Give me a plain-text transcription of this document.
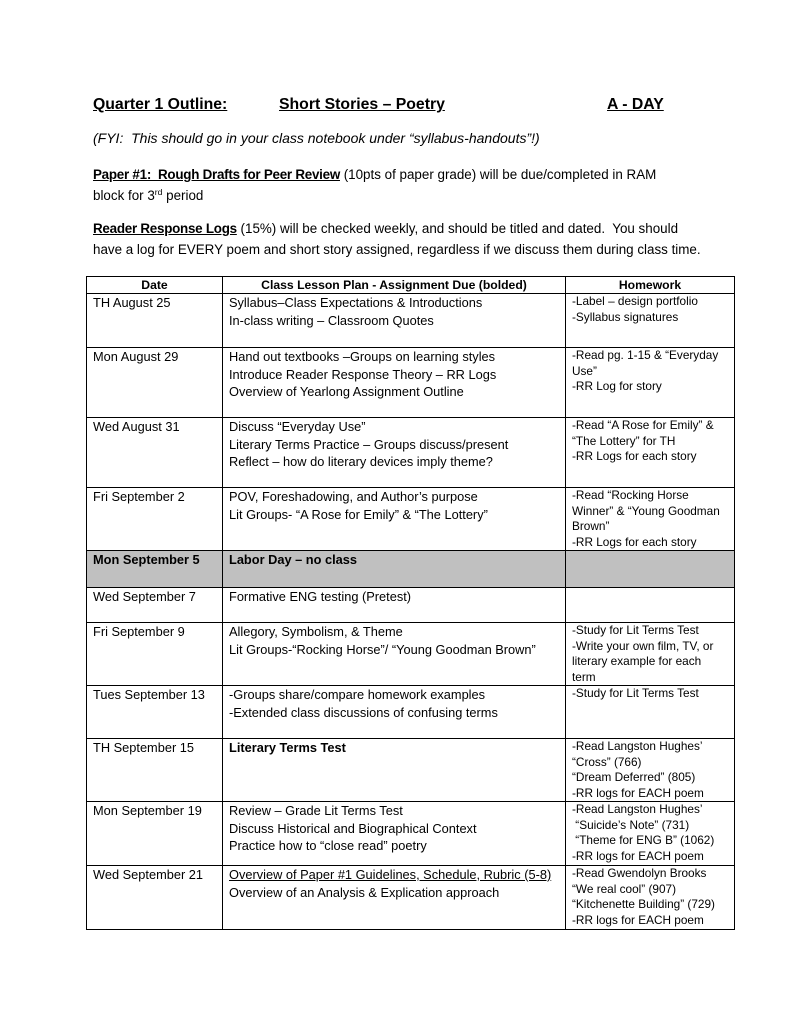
Quarter 1 Outline:	Short Stories – Poetry	A - DAY
(FYI:  This should go in your class notebook under “syllabus-handouts”!)
Paper #1:  Rough Drafts for Peer Review (10pts of paper grade) will be due/completed in RAM
block for 3rd period
Reader Response Logs (15%) will be checked weekly, and should be titled and dated.  You should
have a log for EVERY poem and short story assigned, regardless if we discuss them during class time.
Date	Class Lesson Plan - Assignment Due (bolded)	Homework

TH August 25	Syllabus–Class Expectations & Introductions
In-class writing – Classroom Quotes	-Label – design portfolio
-Syllabus signatures

Mon August 29	Hand out textbooks –Groups on learning styles
Introduce Reader Response Theory – RR Logs
Overview of Yearlong Assignment Outline	-Read pg. 1-15 & “Everyday
Use”
-RR Log for story

Wed August 31	Discuss “Everyday Use”
Literary Terms Practice – Groups discuss/present
Reflect – how do literary devices imply theme?	-Read “A Rose for Emily” &
“The Lottery” for TH
-RR Logs for each story

Fri September 2	POV, Foreshadowing, and Author’s purpose
Lit Groups- “A Rose for Emily” & “The Lottery”	-Read “Rocking Horse
Winner” & “Young Goodman
Brown”
-RR Logs for each story

Mon September 5	Labor Day – no class	

Wed September 7	Formative ENG testing (Pretest)	

Fri September 9	Allegory, Symbolism, & Theme
Lit Groups-“Rocking Horse”/ “Young Goodman Brown”	-Study for Lit Terms Test
-Write your own film, TV, or
literary example for each
term

Tues September 13	-Groups share/compare homework examples
-Extended class discussions of confusing terms	-Study for Lit Terms Test

TH September 15	Literary Terms Test	-Read Langston Hughes’
“Cross” (766)
“Dream Deferred” (805)
-RR logs for EACH poem

Mon September 19	Review – Grade Lit Terms Test
Discuss Historical and Biographical Context
Practice how to “close read” poetry	-Read Langston Hughes’
“Suicide’s Note” (731)
“Theme for ENG B” (1062)
-RR logs for EACH poem

Wed September 21	Overview of Paper #1 Guidelines, Schedule, Rubric (5-8)
Overview of an Analysis & Explication approach	-Read Gwendolyn Brooks
“We real cool” (907)
“Kitchenette Building” (729)
-RR logs for EACH poem
